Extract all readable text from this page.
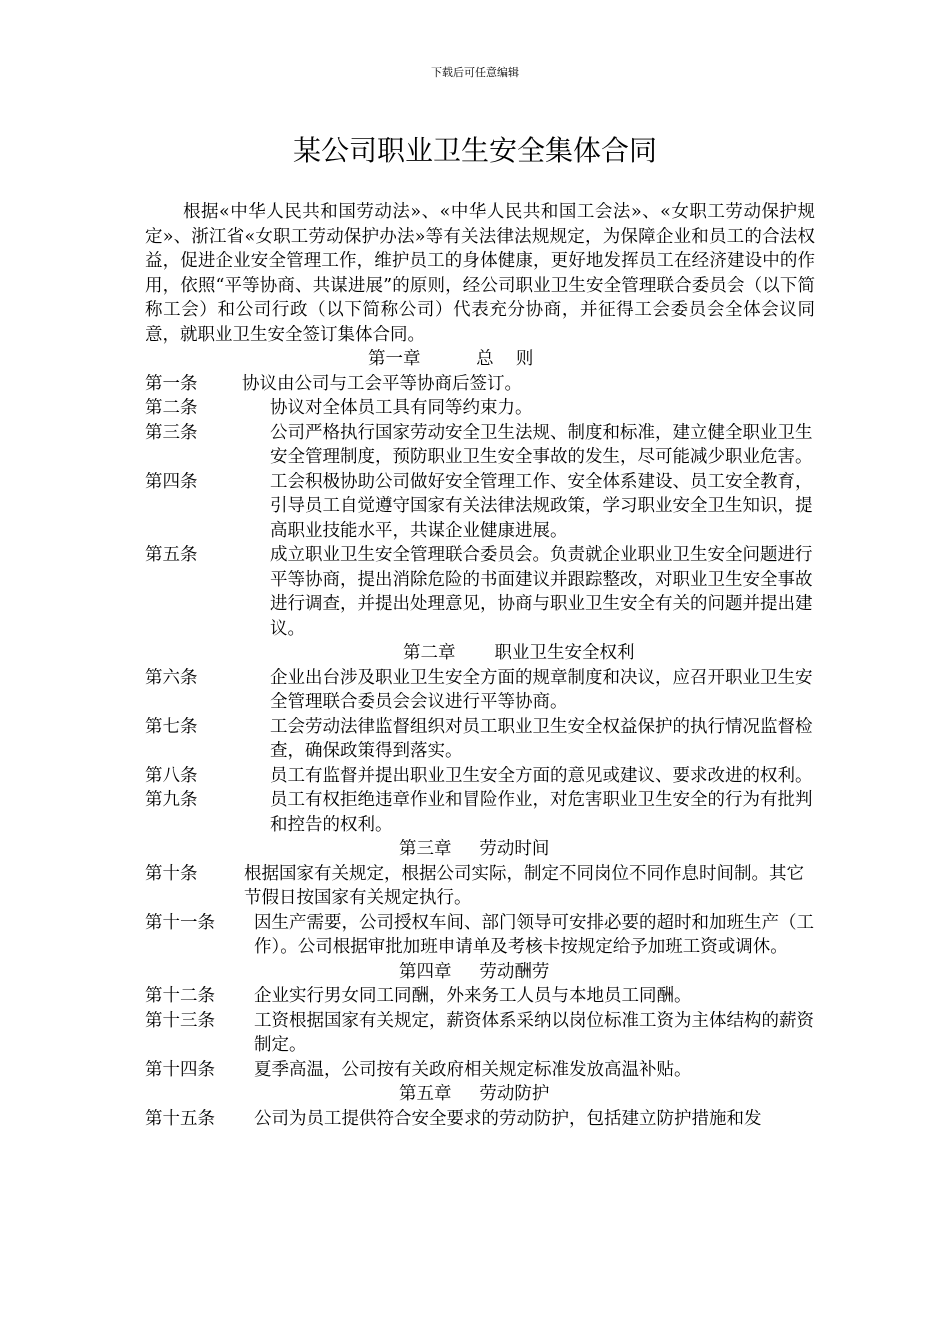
下载后可任意编辑
某公司职业卫生安全集体合同

根据«中华人民共和国劳动法»、«中华人民共和国工会法»、«女职工劳动保护规定»、浙江省«女职工劳动保护办法»等有关法律法规规定，为保障企业和员工的合法权益，促进企业安全管理工作，维护员工的身体健康，更好地发挥员工在经济建设中的作用，依照“平等协商、共谋进展”的原则，经公司职业卫生安全管理联合委员会（以下简称工会）和公司行政（以下简称公司）代表充分协商，并征得工会委员会全体会议同意，就职业卫生安全签订集体合同。

第一章          总    则

第一条	协议由公司与工会平等协商后签订。
第二条	协议对全体员工具有同等约束力。
第三条	公司严格执行国家劳动安全卫生法规、制度和标准，建立健全职业卫生安全管理制度，预防职业卫生安全事故的发生，尽可能减少职业危害。
第四条	工会积极协助公司做好安全管理工作、安全体系建设、员工安全教育，引导员工自觉遵守国家有关法律法规政策，学习职业安全卫生知识，提高职业技能水平，共谋企业健康进展。
第五条	成立职业卫生安全管理联合委员会。负责就企业职业卫生安全问题进行平等协商，提出消除危险的书面建议并跟踪整改，对职业卫生安全事故进行调查，并提出处理意见，协商与职业卫生安全有关的问题并提出建议。

第二章       职业卫生安全权利

第六条	企业出台涉及职业卫生安全方面的规章制度和决议，应召开职业卫生安全管理联合委员会会议进行平等协商。
第七条	工会劳动法律监督组织对员工职业卫生安全权益保护的执行情况监督检查，确保政策得到落实。
第八条	员工有监督并提出职业卫生安全方面的意见或建议、要求改进的权利。
第九条	员工有权拒绝违章作业和冒险作业，对危害职业卫生安全的行为有批判和控告的权利。

第三章     劳动时间

第十条	根据国家有关规定，根据公司实际，制定不同岗位不同作息时间制。其它节假日按国家有关规定执行。
第十一条	因生产需要，公司授权车间、部门领导可安排必要的超时和加班生产（工作）。公司根据审批加班申请单及考核卡按规定给予加班工资或调休。

第四章     劳动酬劳

第十二条	企业实行男女同工同酬，外来务工人员与本地员工同酬。
第十三条	工资根据国家有关规定，薪资体系采纳以岗位标准工资为主体结构的薪资制定。
第十四条	夏季高温，公司按有关政府相关规定标准发放高温补贴。

第五章     劳动防护

第十五条	公司为员工提供符合安全要求的劳动防护，包括建立防护措施和发
